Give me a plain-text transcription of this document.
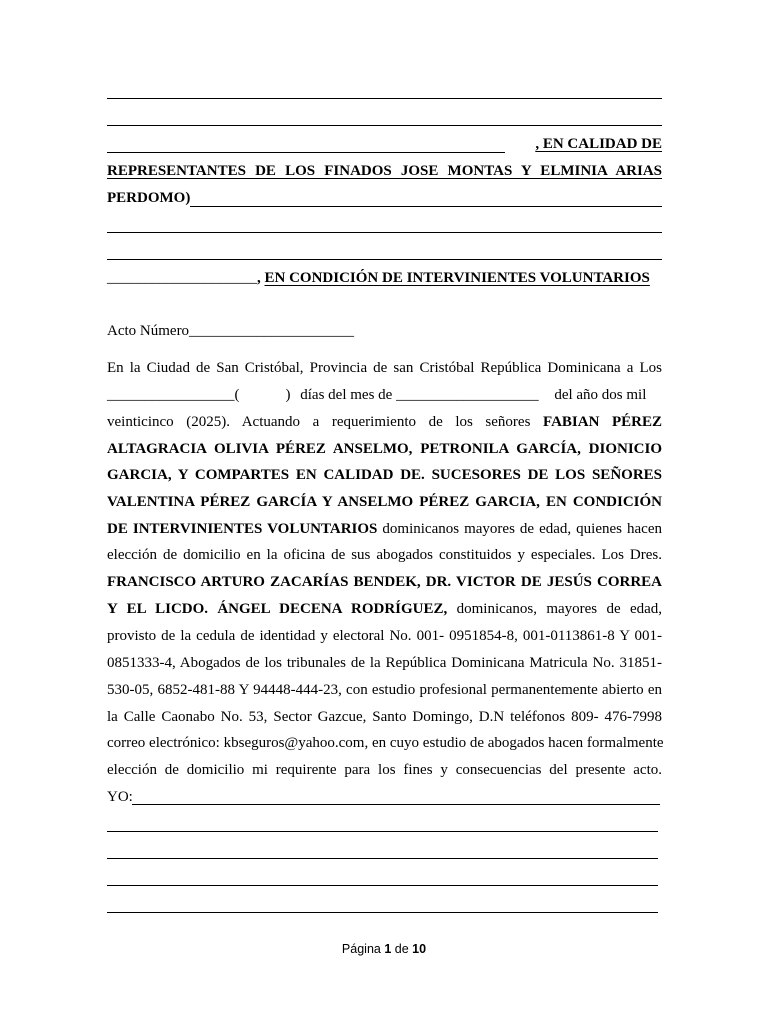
, EN CALIDAD DE
REPRESENTANTES DE LOS FINADOS JOSE MONTAS Y ELMINIA ARIAS
PERDOMO)
____________________, EN CONDICIÓN DE INTERVINIENTES VOLUNTARIOS
Acto Número______________________
En la Ciudad de San Cristóbal, Provincia de san Cristóbal República Dominicana a Los
_________________(	) días del mes de ___________________ del año dos mil
veinticinco (2025). Actuando a requerimiento de los señores FABIAN PÉREZ
ALTAGRACIA OLIVIA PÉREZ ANSELMO, PETRONILA GARCÍA, DIONICIO
GARCIA, Y COMPARTES EN CALIDAD DE. SUCESORES DE LOS SEÑORES
VALENTINA PÉREZ GARCÍA Y ANSELMO PÉREZ GARCIA, EN CONDICIÓN
DE INTERVINIENTES VOLUNTARIOS dominicanos mayores de edad, quienes hacen
elección de domicilio en la oficina de sus abogados constituidos y especiales. Los Dres.
FRANCISCO ARTURO ZACARÍAS BENDEK, DR. VICTOR DE JESÚS CORREA
Y EL LICDO. ÁNGEL DECENA RODRÍGUEZ, dominicanos, mayores de edad,
provisto de la cedula de identidad y electoral No. 001- 0951854-8, 001-0113861-8 Y 001-
0851333-4, Abogados de los tribunales de la República Dominicana Matricula No. 31851-
530-05, 6852-481-88 Y 94448-444-23, con estudio profesional permanentemente abierto en
la Calle Caonabo No. 53, Sector Gazcue, Santo Domingo, D.N teléfonos 809- 476-7998
correo electrónico: kbseguros@yahoo.com, en cuyo estudio de abogados hacen formalmente
elección de domicilio mi requirente para los fines y consecuencias del presente acto.
YO:
Página 1 de 10
